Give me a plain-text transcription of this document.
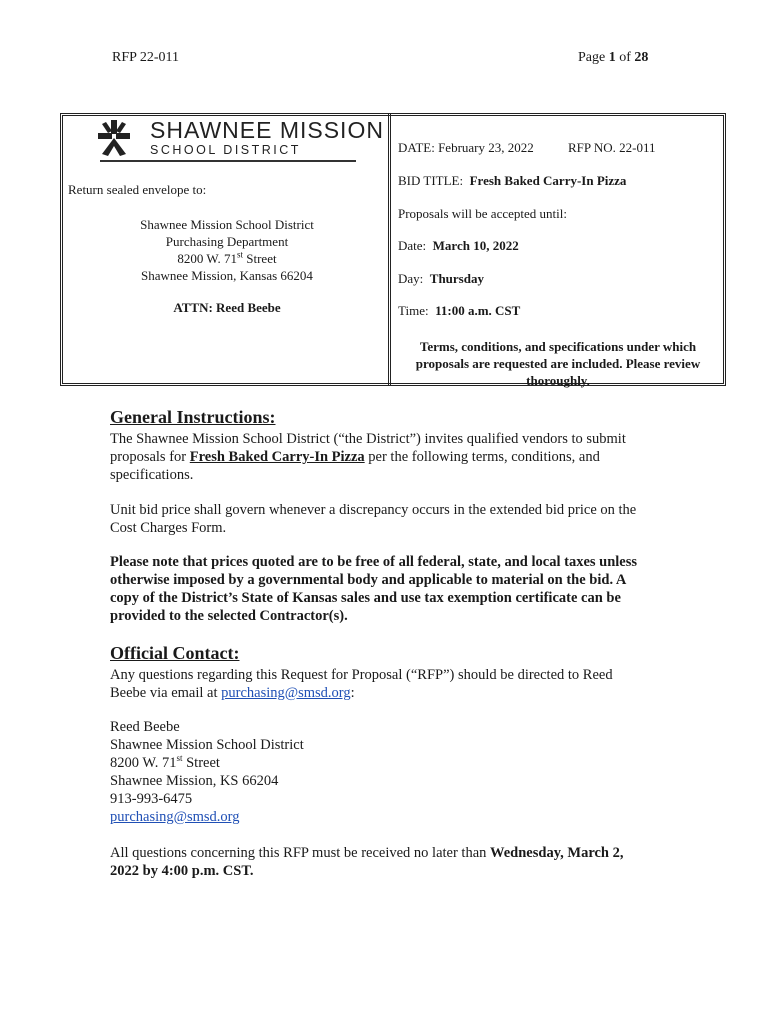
RFP 22-011	Page 1 of 28
SHAWNEE MISSION
SCHOOL DISTRICT
Return sealed envelope to:
Shawnee Mission School District
Purchasing Department
8200 W. 71st Street
Shawnee Mission, Kansas 66204
ATTN: Reed Beebe
DATE: February 23, 2022	RFP NO. 22-011
BID TITLE: Fresh Baked Carry-In Pizza
Proposals will be accepted until:
Date: March 10, 2022
Day: Thursday
Time: 11:00 a.m. CST
Terms, conditions, and specifications under which proposals are requested are included. Please review thoroughly.
General Instructions:
The Shawnee Mission School District (“the District”) invites qualified vendors to submit proposals for Fresh Baked Carry-In Pizza per the following terms, conditions, and specifications.
Unit bid price shall govern whenever a discrepancy occurs in the extended bid price on the Cost Charges Form.
Please note that prices quoted are to be free of all federal, state, and local taxes unless otherwise imposed by a governmental body and applicable to material on the bid. A copy of the District’s State of Kansas sales and use tax exemption certificate can be provided to the selected Contractor(s).
Official Contact:
Any questions regarding this Request for Proposal (“RFP”) should be directed to Reed Beebe via email at purchasing@smsd.org:
Reed Beebe
Shawnee Mission School District
8200 W. 71st Street
Shawnee Mission, KS 66204
913-993-6475
purchasing@smsd.org
All questions concerning this RFP must be received no later than Wednesday, March 2, 2022 by 4:00 p.m. CST.
